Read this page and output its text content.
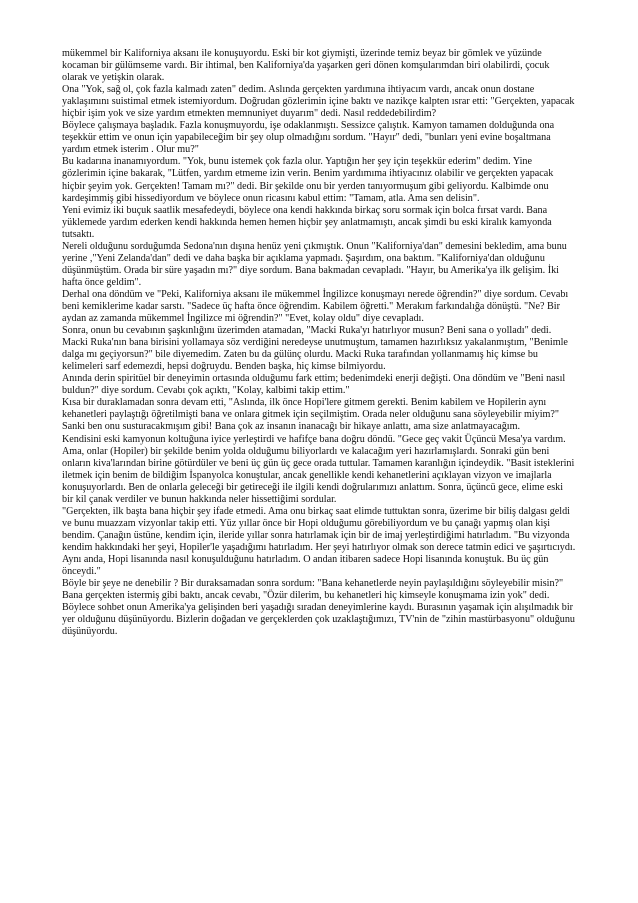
mükemmel bir Kaliforniya aksanı ile konuşuyordu. Eski bir kot giymişti, üzerinde temiz beyaz bir gömlek ve yüzünde kocaman bir gülümseme vardı. Bir ihtimal, ben Kaliforniya'da yaşarken geri dönen komşularımdan biri olabilirdi, çocuk olarak ve yetişkin olarak.

Ona "Yok, sağ ol, çok fazla kalmadı zaten" dedim. Aslında gerçekten yardımına ihtiyacım vardı, ancak onun dostane yaklaşımını suistimal etmek istemiyordum. Doğrudan gözlerimin içine baktı ve nazikçe kalpten ısrar etti: "Gerçekten, yapacak hiçbir işim yok ve size yardım etmekten memnuniyet duyarım" dedi. Nasıl reddedebilirdim?

Böylece çalışmaya başladık. Fazla konuşmuyordu, işe odaklanmıştı. Sessizce çalıştık. Kamyon tamamen dolduğunda ona teşekkür ettim ve onun için yapabileceğim bir şey olup olmadığını sordum. "Hayır" dedi, "bunları yeni evine boşaltmana yardım etmek isterim . Olur mu?"

Bu kadarına inanamıyordum. "Yok, bunu istemek çok fazla olur. Yaptığın her şey için teşekkür ederim" dedim. Yine gözlerimin içine bakarak, "Lütfen, yardım etmeme izin verin. Benim yardımıma ihtiyacınız olabilir ve gerçekten yapacak hiçbir şeyim yok. Gerçekten! Tamam mı?" dedi. Bir şekilde onu bir yerden tanıyormuşum gibi geliyordu. Kalbimde onu kardeşimmiş gibi hissediyordum ve böylece onun ricasını kabul ettim: "Tamam, atla. Ama sen delisin".

Yeni evimiz iki buçuk saatlik mesafedeydi, böylece ona kendi hakkında birkaç soru sormak için bolca fırsat vardı. Bana yüklemede yardım ederken kendi hakkında hemen hemen hiçbir şey anlatmamıştı, ancak şimdi bu eski kiralık kamyonda tutsaktı.

Nereli olduğunu sorduğumda Sedona'nın dışına henüz yeni çıkmıştık. Onun "Kaliforniya'dan" demesini bekledim, ama bunu yerine ,"Yeni Zelanda'dan" dedi ve daha başka bir açıklama yapmadı. Şaşırdım, ona baktım. "Kaliforniya'dan olduğunu düşünmüştüm. Orada bir süre yaşadın mı?" diye sordum. Bana bakmadan cevapladı. "Hayır, bu Amerika'ya ilk gelişim. İki hafta önce geldim".

Derhal ona döndüm ve "Peki, Kaliforniya aksanı ile mükemmel İngilizce konuşmayı nerede öğrendin?" diye sordum. Cevabı beni kemiklerime kadar sarstı. "Sadece üç hafta önce öğrendim. Kabilem öğretti." Merakım farkındalığa dönüştü. "Ne? Bir aydan az zamanda mükemmel İngilizce mi öğrendin?" "Evet, kolay oldu" diye cevapladı.

Sonra, onun bu cevabının şaşkınlığını üzerimden atamadan, "Macki Ruka'yı hatırlıyor musun? Beni sana o yolladı" dedi. Macki Ruka'nın bana birisini yollamaya söz verdiğini neredeyse unutmuştum, tamamen hazırlıksız yakalanmıştım, "Benimle dalga mı geçiyorsun?" bile diyemedim. Zaten bu da gülünç olurdu. Macki Ruka tarafından yollanmamış hiç kimse bu kelimeleri sarf edemezdi, hepsi doğruydu. Benden başka, hiç kimse bilmiyordu.

Anında derin spiritüel bir deneyimin ortasında olduğumu fark ettim; bedenimdeki enerji değişti. Ona döndüm ve "Beni nasıl buldun?" diye sordum. Cevabı çok açıktı, "Kolay, kalbimi takip ettim."

Kısa bir duraklamadan sonra devam etti, "Aslında, ilk önce Hopi'lere gitmem gerekti. Benim kabilem ve Hopilerin aynı kehanetleri paylaştığı öğretilmişti bana ve onlara gitmek için seçilmiştim. Orada neler olduğunu sana söyleyebilir miyim?"

Sanki ben onu susturacakmışım gibi! Bana çok az insanın inanacağı bir hikaye anlattı, ama size anlatmayacağım.

Kendisini eski kamyonun koltuğuna iyice yerleştirdi ve hafifçe bana doğru döndü. "Gece geç vakit Üçüncü Mesa'ya vardım. Ama, onlar (Hopiler) bir şekilde benim yolda olduğumu biliyorlardı ve kalacağım yeri hazırlamışlardı. Sonraki gün beni onların kiva'larından birine götürdüler ve beni üç gün üç gece orada tuttular. Tamamen karanlığın içindeydik. "Basit isteklerini iletmek için benim de bildiğim İspanyolca konuştular, ancak genellikle kendi kehanetlerini açıklayan vizyon ve imajlarla konuşuyorlardı. Ben de onlarla geleceği bir getireceği ile ilgili kendi doğrularımızı anlattım. Sonra, üçüncü gece, elime eski bir kil çanak verdiler ve bunun hakkında neler hissettiğimi sordular.

"Gerçekten, ilk başta bana hiçbir şey ifade etmedi. Ama onu birkaç saat elimde tuttuktan sonra, üzerime bir biliş dalgası geldi ve bunu muazzam vizyonlar takip etti. Yüz yıllar önce bir Hopi olduğumu görebiliyordum ve bu çanağı yapmış olan kişi bendim. Çanağın üstüne, kendim için, ileride yıllar sonra hatırlamak için bir de imaj yerleştirdiğimi hatırladım. "Bu vizyonda kendim hakkındaki her şeyi, Hopiler'le yaşadığımı hatırladım. Her şeyi hatırlıyor olmak son derece tatmin edici ve şaşırtıcıydı. Aynı anda, Hopi lisanında nasıl konuşulduğunu hatırladım. O andan itibaren sadece Hopi lisanında konuştuk. Bu üç gün önceydi."

Böyle bir şeye ne denebilir ? Bir duraksamadan sonra sordum: "Bana kehanetlerde neyin paylaşıldığını söyleyebilir misin?" Bana gerçekten istermiş gibi baktı, ancak cevabı, "Özür dilerim, bu kehanetleri hiç kimseyle konuşmama izin yok" dedi.

Böylece sohbet onun Amerika'ya gelişinden beri yaşadığı sıradan deneyimlerine kaydı. Burasının yaşamak için alışılmadık bir yer olduğunu düşünüyordu. Bizlerin doğadan ve gerçeklerden çok uzaklaştığımızı, TV'nin de "zihin mastürbasyonu" olduğunu düşünüyordu.
